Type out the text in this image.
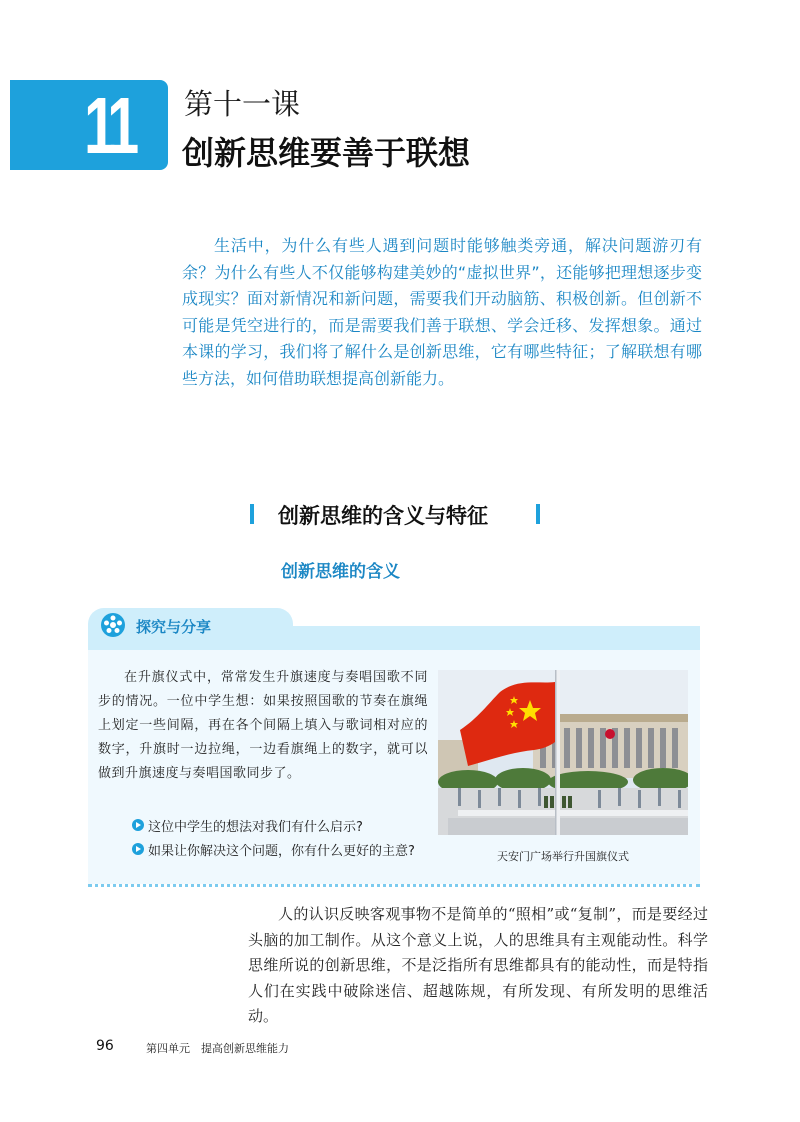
11 第十一课
创新思维要善于联想

生活中，为什么有些人遇到问题时能够触类旁通，解决问题游刃有余？为什么有些人不仅能够构建美妙的“虚拟世界”，还能够把理想逐步变成现实？面对新情况和新问题，需要我们开动脑筋、积极创新。但创新不可能是凭空进行的，而是需要我们善于联想、学会迁移、发挥想象。通过本课的学习，我们将了解什么是创新思维，它有哪些特征；了解联想有哪些方法，如何借助联想提高创新能力。

创新思维的含义与特征
创新思维的含义
探究与分享

在升旗仪式中，常常发生升旗速度与奏唱国歌不同步的情况。一位中学生想：如果按照国歌的节奏在旗绳上划定一些间隔，再在各个间隔上填入与歌词相对应的数字，升旗时一边拉绳，一边看旗绳上的数字，就可以做到升旗速度与奏唱国歌同步了。

这位中学生的想法对我们有什么启示?
如果让你解决这个问题，你有什么更好的主意?	天安门广场举行升国旗仪式

人的认识反映客观事物不是简单的“照相”或“复制”，而是要经过头脑的加工制作。从这个意义上说，人的思维具有主观能动性。科学思维所说的创新思维，不是泛指所有思维都具有的能动性，而是特指人们在实践中破除迷信、超越陈规，有所发现、有所发明的思维活动。

96	第四单元　提高创新思维能力
